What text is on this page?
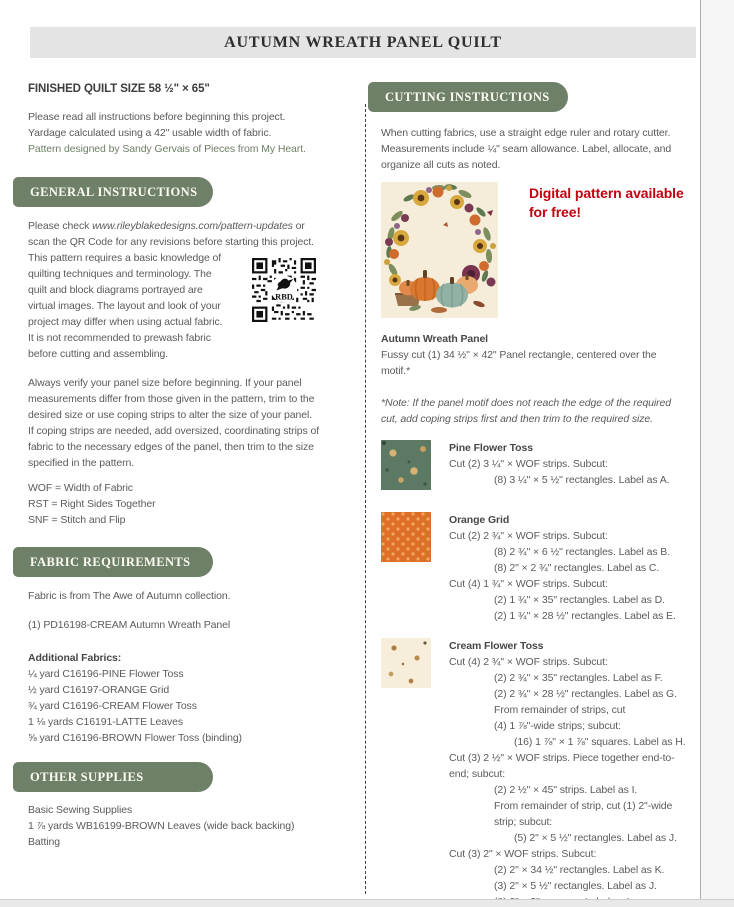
AUTUMN WREATH PANEL QUILT
FINISHED QUILT SIZE 58 ½" × 65"
Please read all instructions before beginning this project.
Yardage calculated using a 42" usable width of fabric.
Pattern designed by Sandy Gervais of Pieces from My Heart.
GENERAL INSTRUCTIONS
Please check www.rileyblakedesigns.com/pattern-updates or
scan the QR Code for any revisions before starting this project.
This pattern requires a basic knowledge of
quilting techniques and terminology. The
quilt and block diagrams portrayed are
virtual images. The layout and look of your
project may differ when using actual fabric.
It is not recommended to prewash fabric
before cutting and assembling.
Always verify your panel size before beginning. If your panel
measurements differ from those given in the pattern, trim to the
desired size or use coping strips to alter the size of your panel.
If coping strips are needed, add oversized, coordinating strips of
fabric to the necessary edges of the panel, then trim to the size
specified in the pattern.
WOF = Width of Fabric
RST = Right Sides Together
SNF = Stitch and Flip
FABRIC REQUIREMENTS
Fabric is from The Awe of Autumn collection.
(1) PD16198-CREAM Autumn Wreath Panel
Additional Fabrics:
¼ yard C16196-PINE Flower Toss
½ yard C16197-ORANGE Grid
¾ yard C16196-CREAM Flower Toss
1 ⅛ yards C16191-LATTE Leaves
⅝ yard C16196-BROWN Flower Toss (binding)
OTHER SUPPLIES
Basic Sewing Supplies
1 ⅞ yards WB16199-BROWN Leaves (wide back backing)
Batting
RBD
CUTTING INSTRUCTIONS
When cutting fabrics, use a straight edge ruler and rotary cutter.
Measurements include ¼" seam allowance. Label, allocate, and
organize all cuts as noted.
Digital pattern available
for free!
Autumn Wreath Panel
Fussy cut (1) 34 ½" × 42" Panel rectangle, centered over the
motif.*
*Note: If the panel motif does not reach the edge of the required
cut, add coping strips first and then trim to the required size.
Pine Flower Toss
Cut (2) 3 ¼" × WOF strips. Subcut:
(8) 3 ¼" × 5 ½" rectangles. Label as A.
Orange Grid
Cut (2) 2 ¾" × WOF strips. Subcut:
(8) 2 ¾" × 6 ½" rectangles. Label as B.
(8) 2" × 2 ¾" rectangles. Label as C.
Cut (4) 1 ¾" × WOF strips. Subcut:
(2) 1 ¾" × 35" rectangles. Label as D.
(2) 1 ¾" × 28 ½" rectangles. Label as E.
Cream Flower Toss
Cut (4) 2 ¾" × WOF strips. Subcut:
(2) 2 ¾" × 35" rectangles. Label as F.
(2) 2 ¾" × 28 ½" rectangles. Label as G.
From remainder of strips, cut
(4) 1 ⅞"-wide strips; subcut:
(16) 1 ⅞" × 1 ⅞" squares. Label as H.
Cut (3) 2 ½" × WOF strips. Piece together end-to-
end; subcut:
(2) 2 ½" × 45" strips. Label as I.
From remainder of strip, cut (1) 2"-wide
strip; subcut:
(5) 2" × 5 ½" rectangles. Label as J.
Cut (3) 2" × WOF strips. Subcut:
(2) 2" × 34 ½" rectangles. Label as K.
(3) 2" × 5 ½" rectangles. Label as J.
